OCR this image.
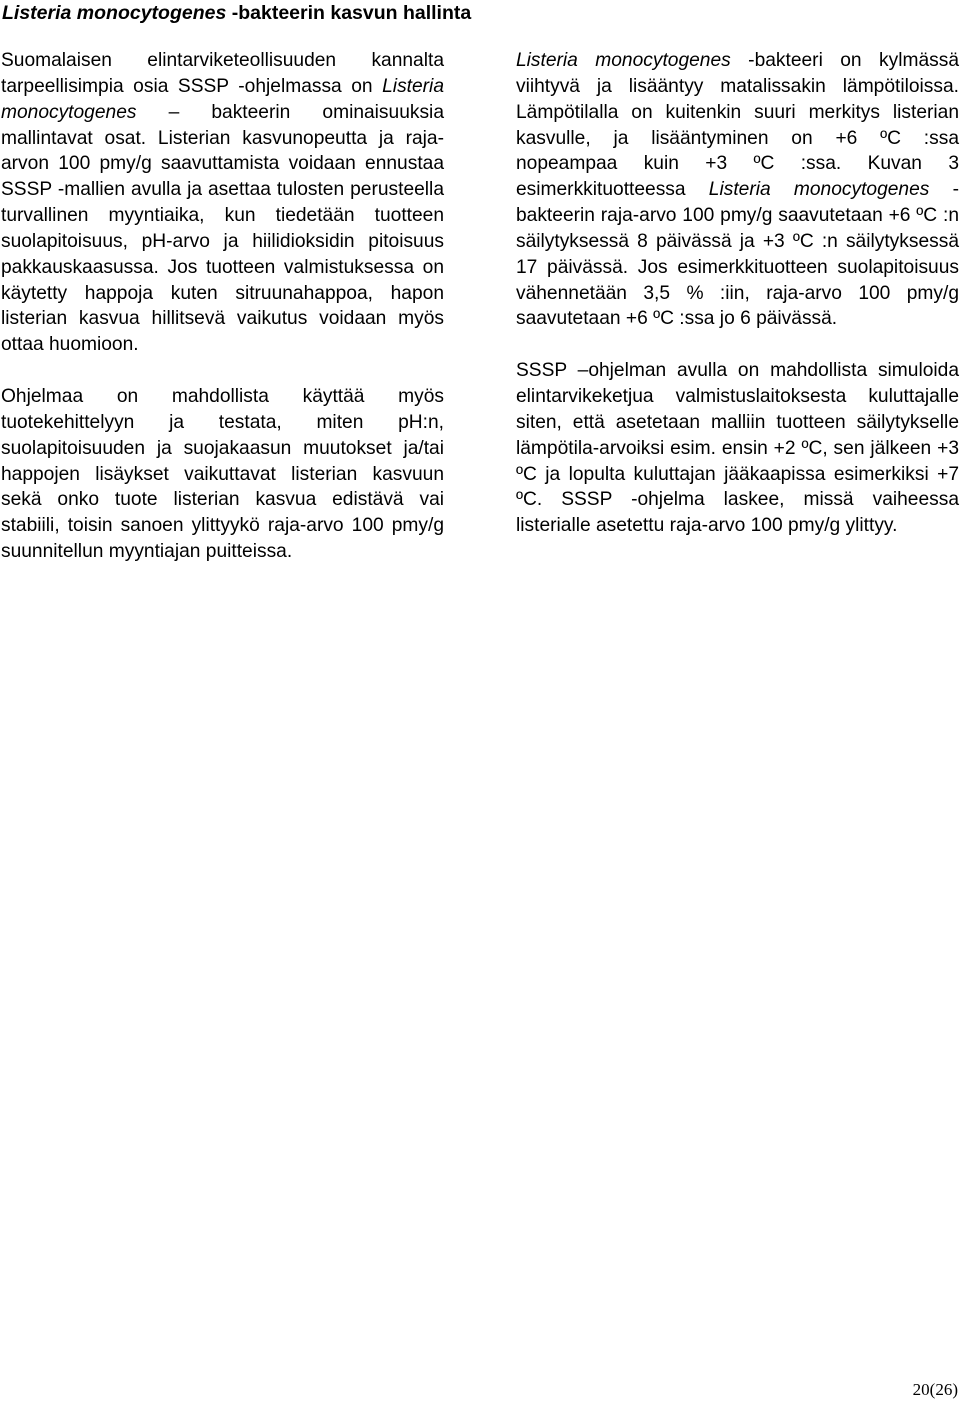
Listeria monocytogenes -bakteerin kasvun hallinta

Suomalaisen elintarviketeollisuuden kannalta tarpeellisimpia osia SSSP -ohjelmassa on Listeria monocytogenes – bakteerin ominaisuuksia mallintavat osat. Listerian kasvunopeutta ja raja-arvon 100 pmy/g saavuttamista voidaan ennustaa SSSP -mallien avulla ja asettaa tulosten perusteella turvallinen myyntiaika, kun tiedetään tuotteen suolapitoisuus, pH-arvo ja hiilidioksidin pitoisuus pakkauskaasussa. Jos tuotteen valmistuksessa on käytetty happoja kuten sitruunahappoa, hapon listerian kasvua hillitsevä vaikutus voidaan myös ottaa huomioon.

Ohjelmaa on mahdollista käyttää myös tuotekehittelyyn ja testata, miten pH:n, suolapitoisuuden ja suojakaasun muutokset ja/tai happojen lisäykset vaikuttavat listerian kasvuun sekä onko tuote listerian kasvua edistävä vai stabiili, toisin sanoen ylittyykö raja-arvo 100 pmy/g suunnitellun myyntiajan puitteissa.

Listeria monocytogenes -bakteeri on kylmässä viihtyvä ja lisääntyy matalissakin lämpötiloissa. Lämpötilalla on kuitenkin suuri merkitys listerian kasvulle, ja lisääntyminen on +6 ºC :ssa nopeampaa kuin +3 ºC :ssa. Kuvan 3 esimerkkituotteessa Listeria monocytogenes -bakteerin raja-arvo 100 pmy/g saavutetaan +6 ºC :n säilytyksessä 8 päivässä ja +3 ºC :n säilytyksessä 17 päivässä. Jos esimerkkituotteen suolapitoisuus vähennetään 3,5 % :iin, raja-arvo 100 pmy/g saavutetaan +6 ºC :ssa jo 6 päivässä.

SSSP –ohjelman avulla on mahdollista simuloida elintarvikeketjua valmistuslaitoksesta kuluttajalle siten, että asetetaan malliin tuotteen säilytykselle lämpötila-arvoiksi esim. ensin +2 ºC, sen jälkeen +3 ºC ja lopulta kuluttajan jääkaapissa esimerkiksi +7 ºC. SSSP -ohjelma laskee, missä vaiheessa listerialle asetettu raja-arvo 100 pmy/g ylittyy.

20(26)
